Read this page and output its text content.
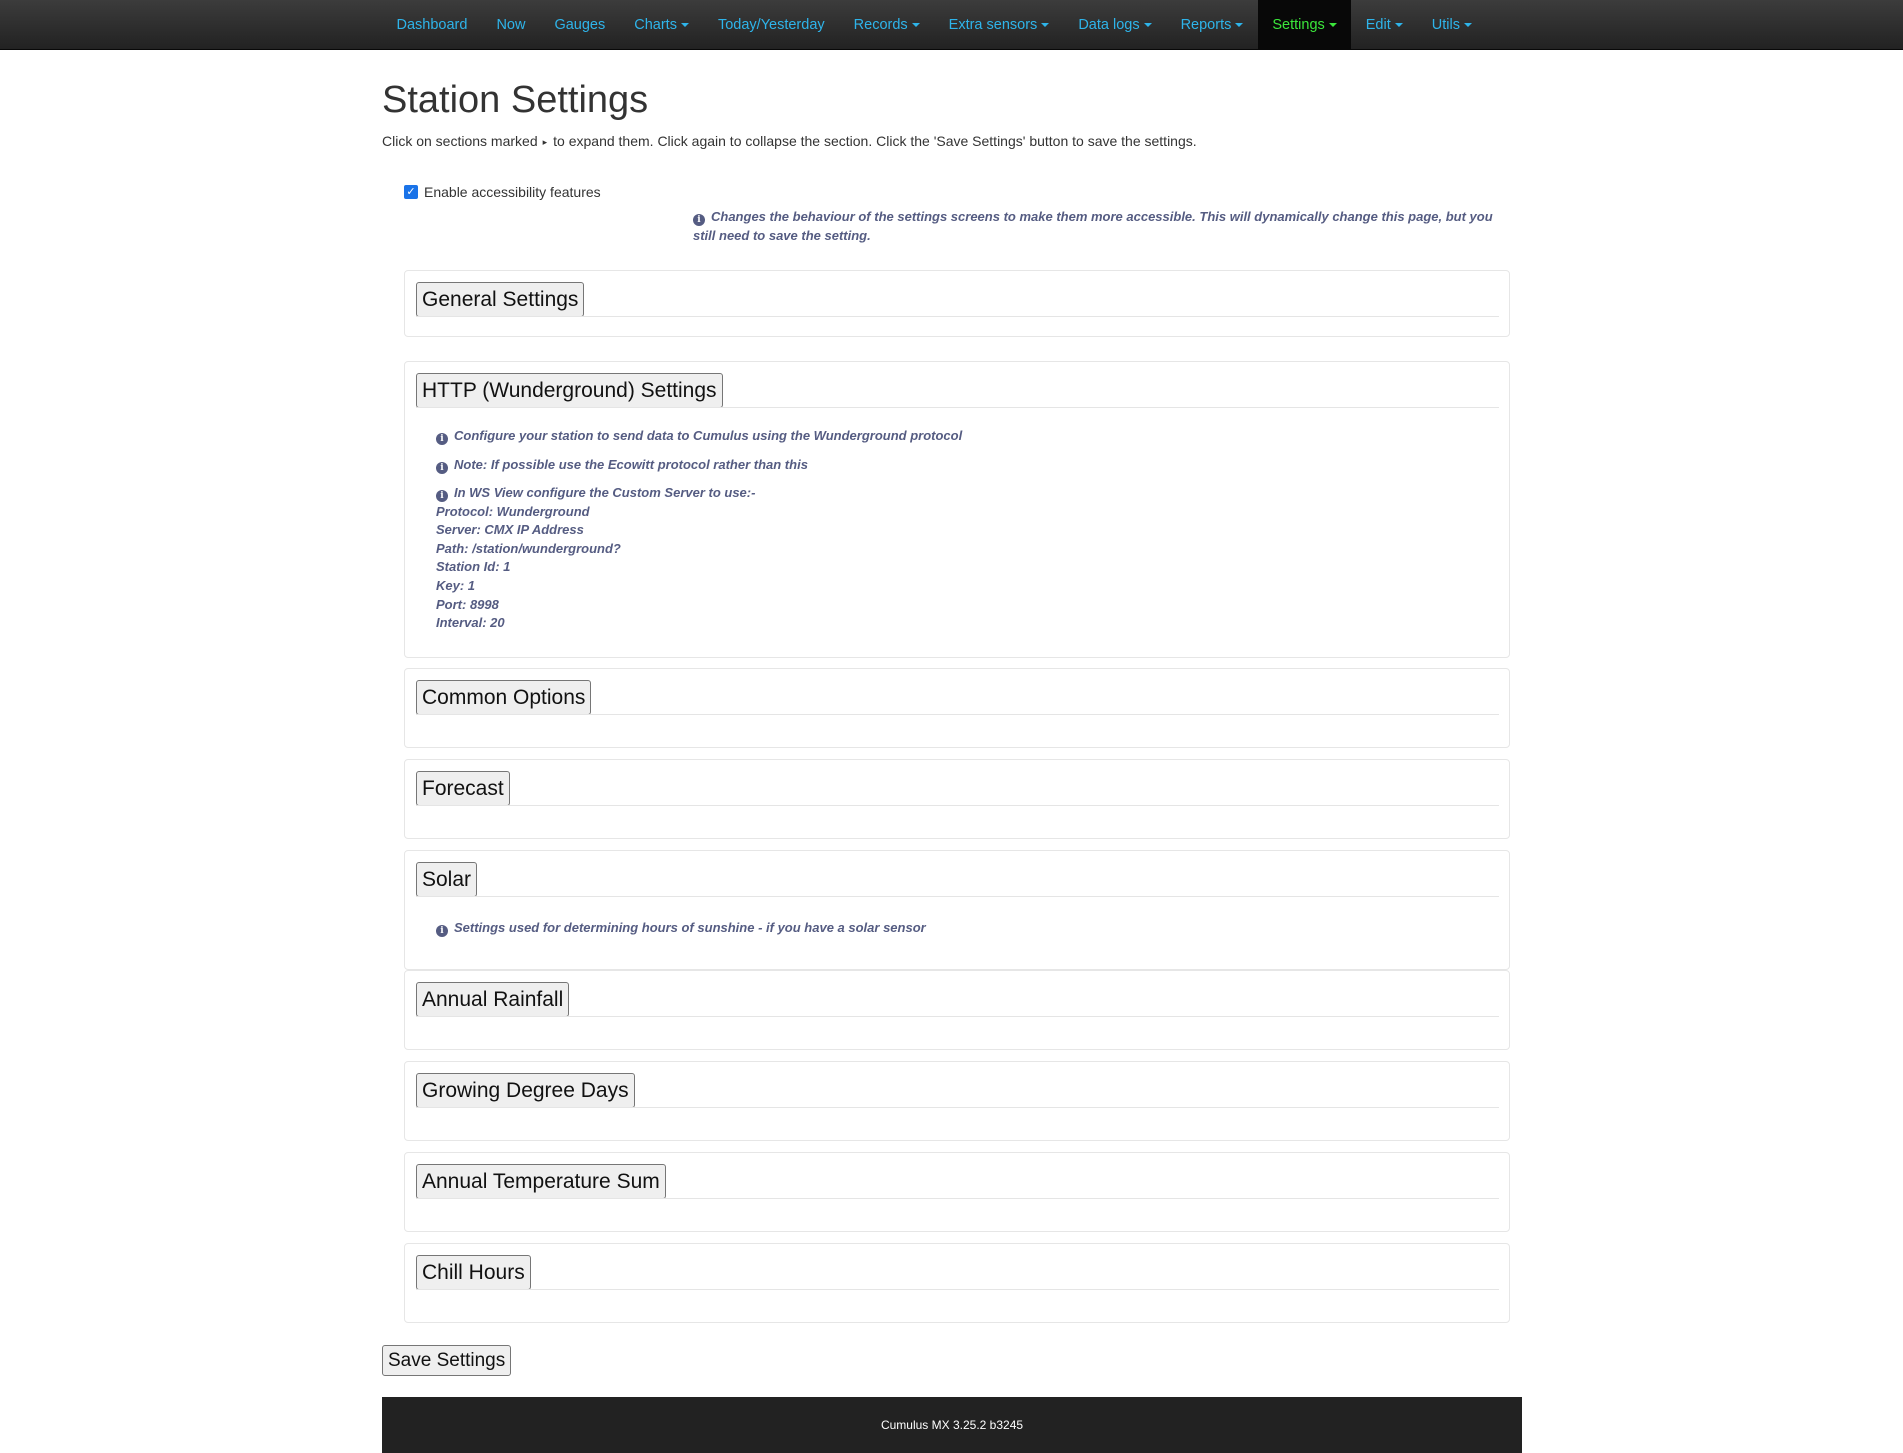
Dashboard Now Gauges Charts	Today/Yesterday Records	Extra sensors	Data logs	Reports	Settings	Edit	Utils
Station Settings
Click on sections marked ▸ to expand them. Click again to collapse the section. Click the 'Save Settings' button to save the settings.
✓ Enable accessibility features
i Changes the behaviour of the settings screens to make them more accessible. This will dynamically change this page, but you still need to save the setting.
General Settings
HTTP (Wunderground) Settings
i Configure your station to send data to Cumulus using the Wunderground protocol
i Note: If possible use the Ecowitt protocol rather than this
i In WS View configure the Custom Server to use:-
Protocol: Wunderground
Server: CMX IP Address
Path: /station/wunderground?
Station Id: 1
Key: 1
Port: 8998
Interval: 20
Common Options
Forecast
Solar
i Settings used for determining hours of sunshine - if you have a solar sensor
Annual Rainfall
Growing Degree Days
Annual Temperature Sum
Chill Hours
Save Settings
Cumulus MX 3.25.2 b3245
